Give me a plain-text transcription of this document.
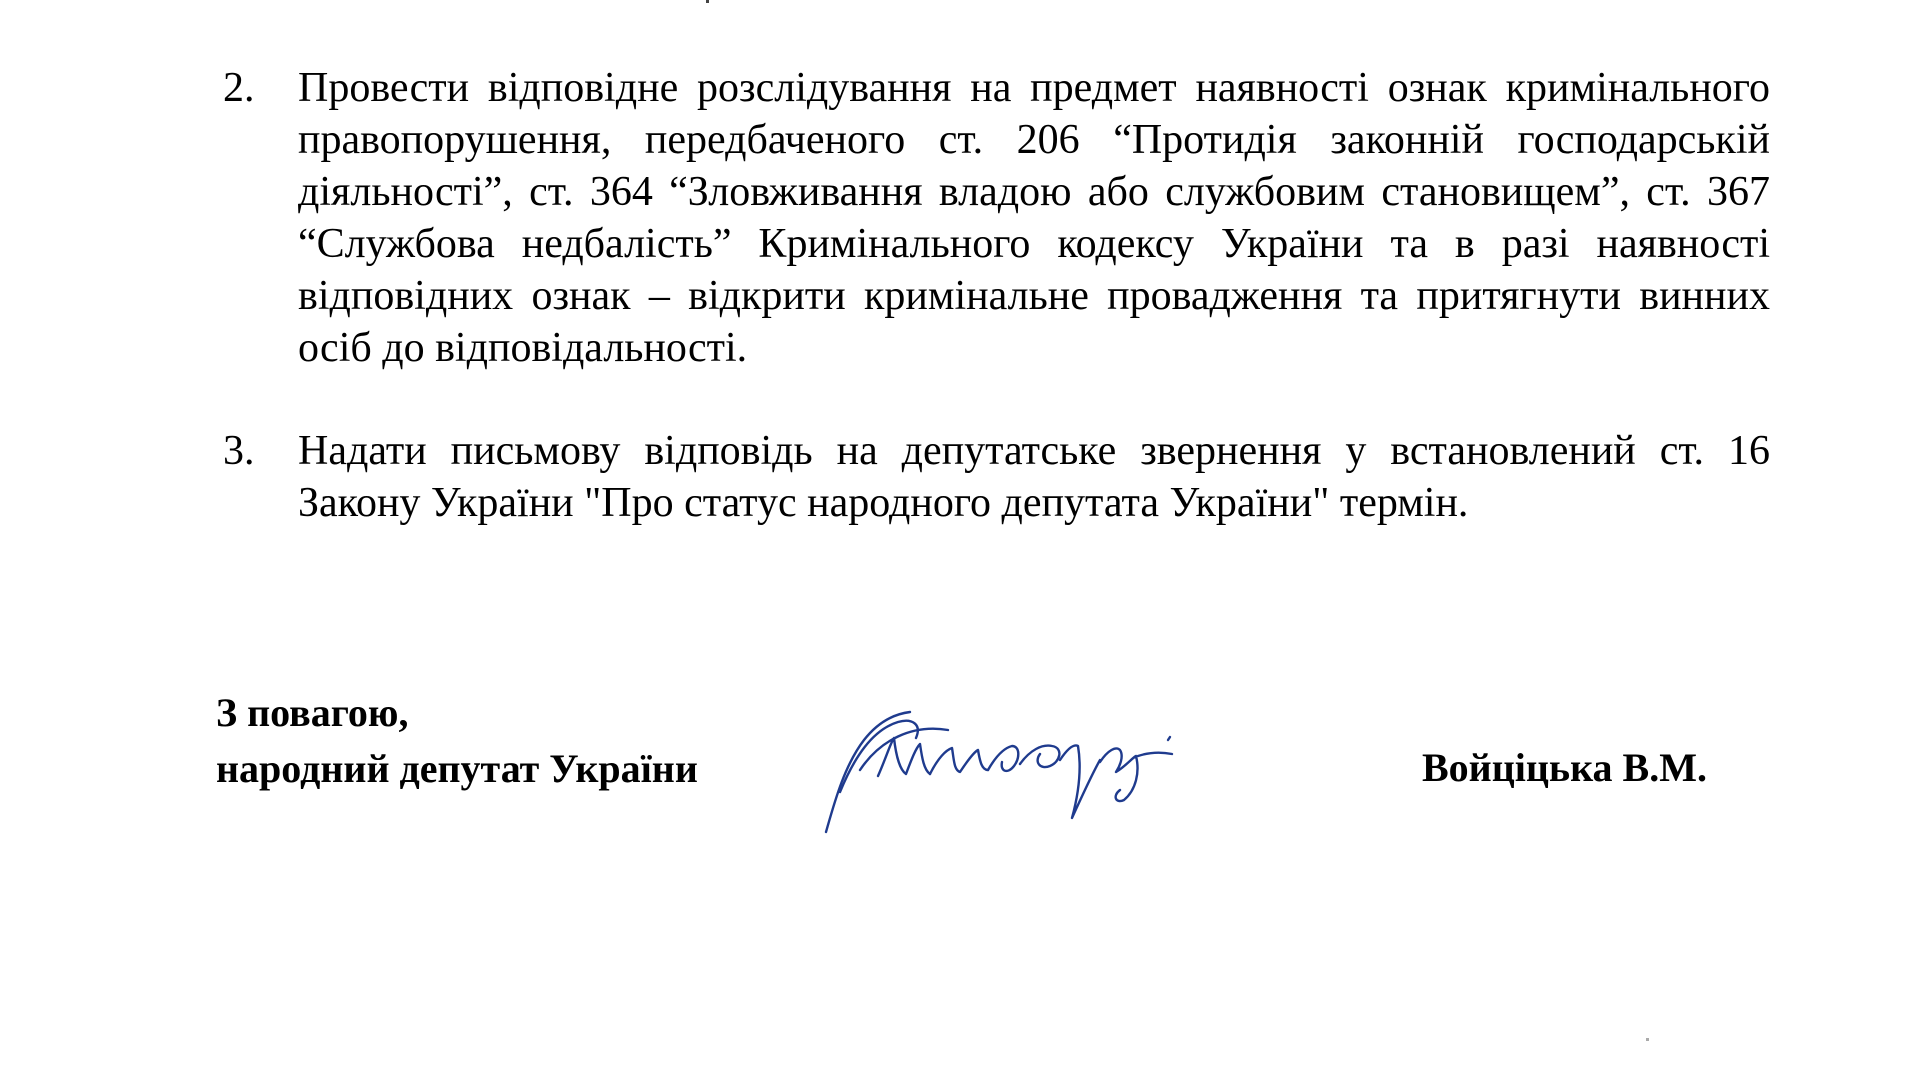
2. Провести відповідне розслідування на предмет наявності ознак кримінального правопорушення, передбаченого ст. 206 “Протидія законній господарській діяльності”, ст. 364 “Зловживання владою або службовим становищем”, ст. 367 “Службова недбалість” Кримінального кодексу України та в разі наявності відповідних ознак – відкрити кримінальне провадження та притягнути винних осіб до відповідальності.

3. Надати письмову відповідь на депутатське звернення у встановлений ст. 16 Закону України "Про статус народного депутата України" термін.

З повагою,
народний депутат України	Войціцька В.М.
